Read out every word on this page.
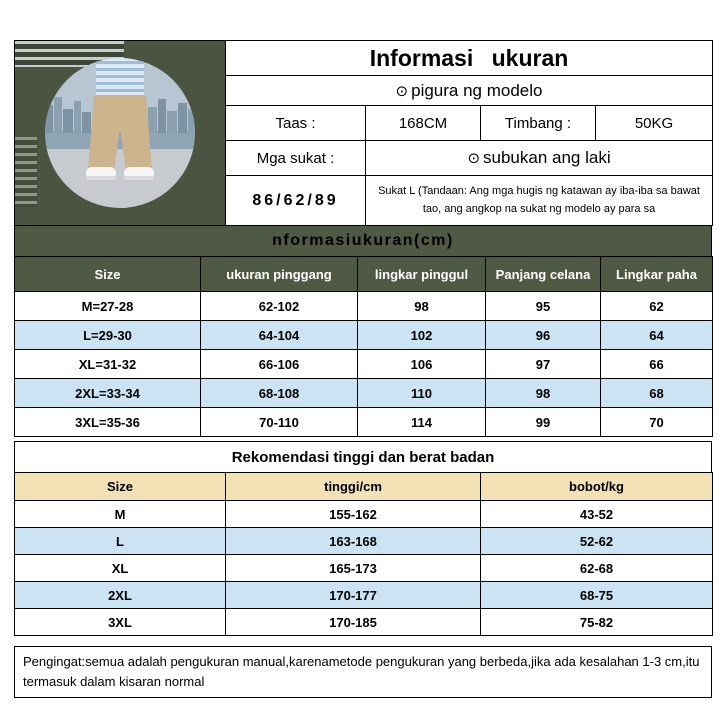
	Informasi ukuran			
	⊙ pigura ng modelo			
	Taas :	168CM	Timbang :	50KG
	Mga sukat :	⊙ subukan ang laki		
	86/62/89	Sukat L (Tandaan: Ang mga hugis ng katawan ay iba-iba sa bawat tao, ang angkop na sukat ng modelo ay para sa		
nformasiukuran(cm)
Size	ukuran pinggang	lingkar pinggul	Panjang celana	Lingkar paha
M=27-28	62-102	98	95	62
L=29-30	64-104	102	96	64
XL=31-32	66-106	106	97	66
2XL=33-34	68-108	110	98	68
3XL=35-36	70-110	114	99	70
Rekomendasi tinggi dan berat badan
Size	tinggi/cm	bobot/kg
M	155-162	43-52
L	163-168	52-62
XL	165-173	62-68
2XL	170-177	68-75
3XL	170-185	75-82
Pengingat:semua adalah pengukuran manual,karenametode pengukuran yang berbeda,jika ada kesalahan 1-3 cm,itu termasuk dalam kisaran normal
